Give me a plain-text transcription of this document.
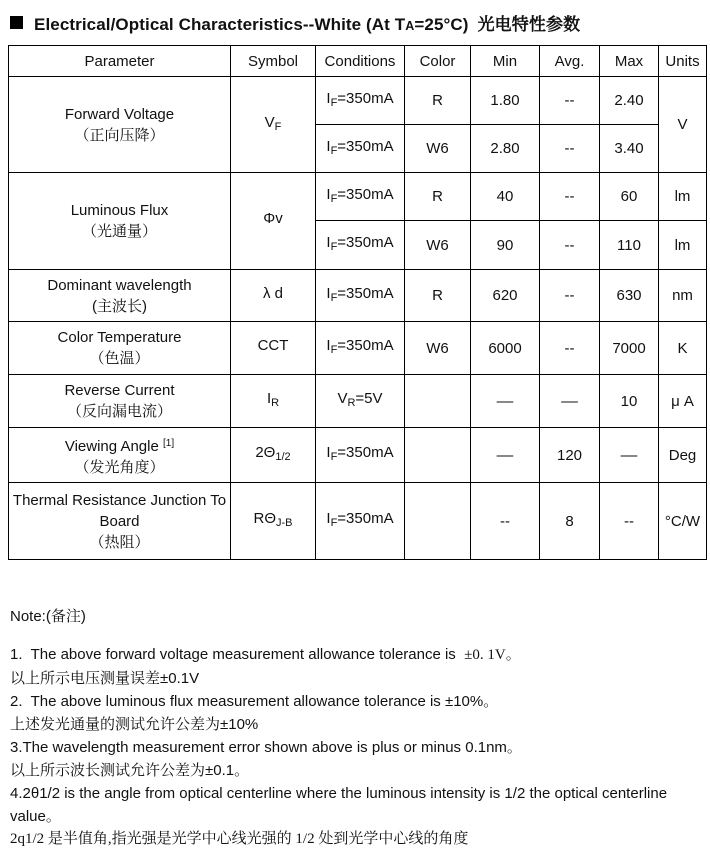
Electrical/Optical Characteristics--White (At TA=25°C) 光电特性参数
Parameter	Symbol	Conditions	Color	Min	Avg.	Max	Units

Forward Voltage
（正向压降）	$V_F$	$I_F=350mA$	R	1.80	--	2.40	V
		$I_F=350mA$	W6	2.80	--	3.40	

Luminous Flux
（光通量）	Φv	$I_F=350mA$	R	40	--	60	lm
		$I_F=350mA$	W6	90	--	110	lm

Dominant wavelength
(主波长)	λ d	$I_F=350mA$	R	620	--	630	nm

Color Temperature
（色温）	CCT	$I_F=350mA$	W6	6000	--	7000	K

Reverse Current
（反向漏电流）	$I_R$	$V_R=5V$		––	––	10	μ A

Viewing Angle [1]
（发光角度）	$2\Theta_{1/2}$	$I_F=350mA$		––	120	––	Deg

Thermal Resistance Junction To Board
（热阻）	$R\Theta_{J-B}$	$I_F=350mA$		--	8	--	°C/W
Note:(备注)
1.  The above forward voltage measurement allowance tolerance is  ±0. 1V。
以上所示电压测量误差±0.1V
2.  The above luminous flux measurement allowance tolerance is ±10%。
上述发光通量的测试允许公差为±10%
3.The wavelength measurement error shown above is plus or minus 0.1nm。
以上所示波长测试允许公差为±0.1。
4.2θ1/2 is the angle from optical centerline where the luminous intensity is 1/2 the optical centerline value。
2q1/2 是半值角,指光强是光学中心线光强的 1/2 处到光学中心线的角度
